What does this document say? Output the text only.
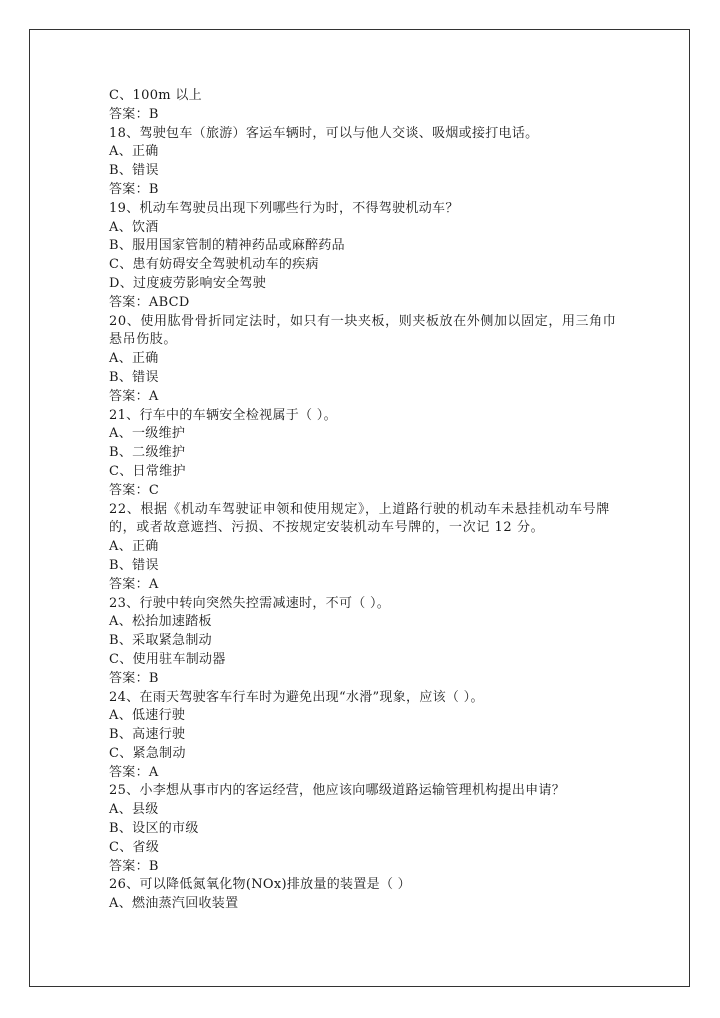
C、100m 以上
答案：B
18、驾驶包车（旅游）客运车辆时，可以与他人交谈、吸烟或接打电话。
A、正确
B、错误
答案：B
19、机动车驾驶员出现下列哪些行为时，不得驾驶机动车？
A、饮酒
B、服用国家管制的精神药品或麻醉药品
C、患有妨碍安全驾驶机动车的疾病
D、过度疲劳影响安全驾驶
答案：ABCD
20、使用肱骨骨折同定法时，如只有一块夹板，则夹板放在外侧加以固定，用三角巾悬吊伤肢。
A、正确
B、错误
答案：A
21、行车中的车辆安全检视属于（ ）。
A、一级维护
B、二级维护
C、日常维护
答案：C
22、根据《机动车驾驶证申领和使用规定》，上道路行驶的机动车未悬挂机动车号牌的，或者故意遮挡、污损、不按规定安装机动车号牌的，一次记 12 分。
A、正确
B、错误
答案：A
23、行驶中转向突然失控需减速时，不可（ ）。
A、松抬加速踏板
B、采取紧急制动
C、使用驻车制动器
答案：B
24、在雨天驾驶客车行车时为避免出现“水滑”现象，应该（ ）。
A、低速行驶
B、高速行驶
C、紧急制动
答案：A
25、小李想从事市内的客运经营，他应该向哪级道路运输管理机构提出申请？
A、县级
B、设区的市级
C、省级
答案：B
26、可以降低氮氧化物(NOx)排放量的装置是（ ）
A、燃油蒸汽回收装置
